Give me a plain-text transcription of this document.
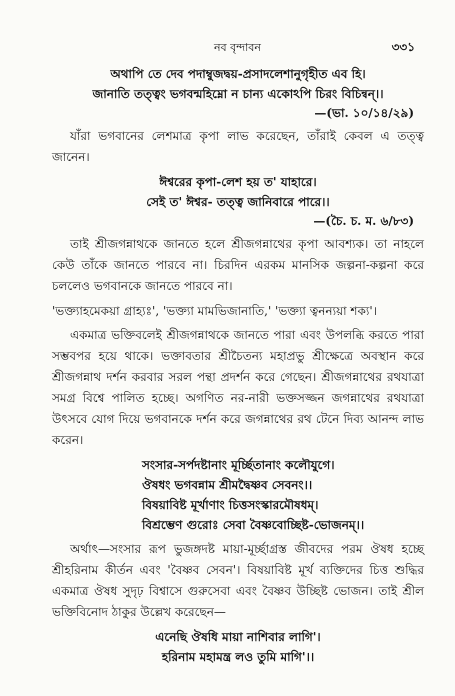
নব বৃন্দাবন	৩৩১

অথাপি তে দেব পদাম্বুজদ্বয়-প্রসাদলেশানুগৃহীত এব হি।

জানাতি তত্ত্বং ভগবন্মহিম্নো ন চান্য একোঽপি চিরং বিচিন্বন্।।

—(ভা. ১০/১৪/২৯)

যাঁরা ভগবানের লেশমাত্র কৃপা লাভ করেছেন, তাঁরাই কেবল এ তত্ত্ব জানেন।

ঈশ্বরের কৃপা-লেশ হয় ত' যাহারে।

সেই ত' ঈশ্বর- তত্ত্ব জানিবারে পারে।।

—(চৈ. চ. ম. ৬/৮৩)

তাই শ্রীজগন্নাথকে জানতে হলে শ্রীজগন্নাথের কৃপা আবশ্যক। তা নাহলে কেউ তাঁকে জানতে পারবে না। চিরদিন এরকম মানসিক জল্পনা-কল্পনা করে চললেও ভগবানকে জানতে পারবে না।

'ভক্ত্যাহমেকয়া গ্রাহ্যঃ', 'ভক্ত্যা মামভিজানাতি,' 'ভক্ত্যা ত্বনন্যয়া শক্য'।

একমাত্র ভক্তিবলেই শ্রীজগন্নাথকে জানতে পারা এবং উপলব্ধি করতে পারা সম্ভবপর হয়ে থাকে। ভক্তাবতার শ্রীচৈতন্য মহাপ্রভু শ্রীক্ষেত্রে অবস্থান করে শ্রীজগন্নাথ দর্শন করবার সরল পন্থা প্রদর্শন করে গেছেন। শ্রীজগন্নাথের রথযাত্রা সমগ্র বিশ্বে পালিত হচ্ছে। অগণিত নর-নারী ভক্তসজ্জন জগন্নাথের রথযাত্রা উৎসবে যোগ দিয়ে ভগবানকে দর্শন করে জগন্নাথের রথ টেনে দিব্য আনন্দ লাভ করেন।

সংসার-সর্পদষ্টানাং মূর্চ্ছিতানাং কলৌযুগে।

ঔষধং ভগবন্নাম শ্রীমদ্বৈষ্ণব সেবনং।।

বিষয়াবিষ্ট মূর্খাণাং চিত্তসংস্কারমৌষধম্।

বিশ্রম্ভেণ গুরোঃ সেবা বৈষ্ণবোচ্ছিষ্ট-ভোজনম্।।

অর্থাৎ—সংসার রূপ ভুজঙ্গদষ্ট মায়া-মূর্চ্ছাগ্রস্ত জীবদের পরম ঔষধ হচ্ছে শ্রীহরিনাম কীর্তন এবং 'বৈষ্ণব সেবন'। বিষয়াবিষ্ট মূর্খ ব্যক্তিদের চিত্ত শুদ্ধির একমাত্র ঔষধ সুদৃঢ় বিশ্বাসে গুরুসেবা এবং বৈষ্ণব উচ্ছিষ্ট ভোজন। তাই শ্রীল ভক্তিবিনোদ ঠাকুর উল্লেখ করেছেন—

এনেছি ঔষধি মায়া নাশিবার লাগি'।

হরিনাম মহামন্ত্র লও তুমি মাগি'।।
